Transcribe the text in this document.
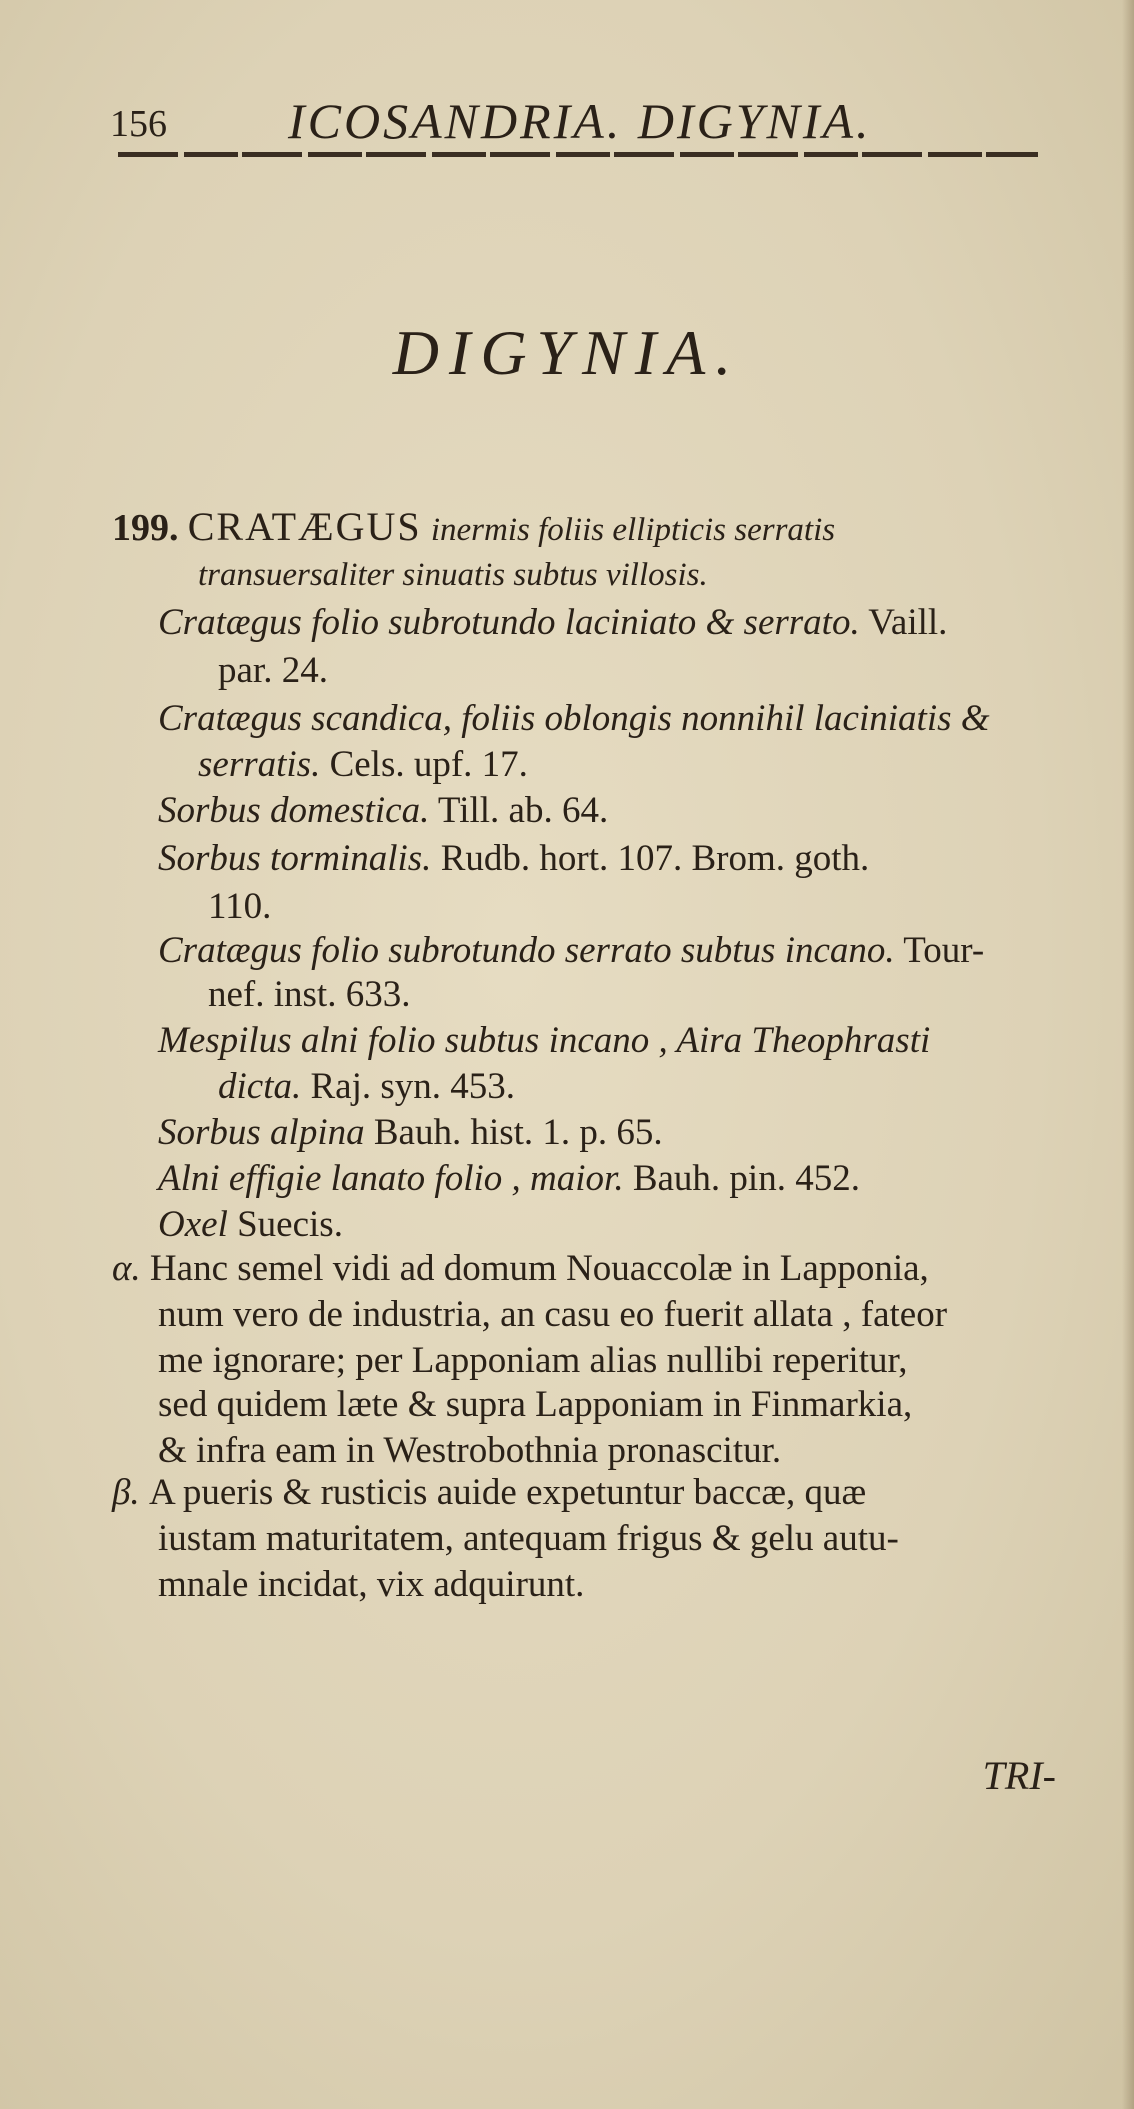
156 ICOSANDRIA. DIGYNIA.
DIGYNIA.
199. CRATÆGUS inermis foliis ellipticis serratis
transuersaliter sinuatis subtus villosis.
Cratægus folio subrotundo laciniato & serrato. Vaill.
par. 24.
Cratægus scandica, foliis oblongis nonnihil laciniatis &
serratis. Cels. upf. 17.
Sorbus domestica. Till. ab. 64.
Sorbus torminalis. Rudb. hort. 107. Brom. goth.
110.
Cratægus folio subrotundo serrato subtus incano. Tour-
nef. inst. 633.
Mespilus alni folio subtus incano , Aira Theophrasti
dicta. Raj. syn. 453.
Sorbus alpina Bauh. hist. 1. p. 65.
Alni effigie lanato folio , maior. Bauh. pin. 452.
Oxel Suecis.
α. Hanc semel vidi ad domum Nouaccolæ in Lapponia,
num vero de industria, an casu eo fuerit allata , fateor
me ignorare; per Lapponiam alias nullibi reperitur,
sed quidem læte & supra Lapponiam in Finmarkia,
& infra eam in Westrobothnia pronascitur.
β. A pueris & rusticis auide expetuntur baccæ, quæ
iustam maturitatem, antequam frigus & gelu autu-
mnale incidat, vix adquirunt.
TRI-
